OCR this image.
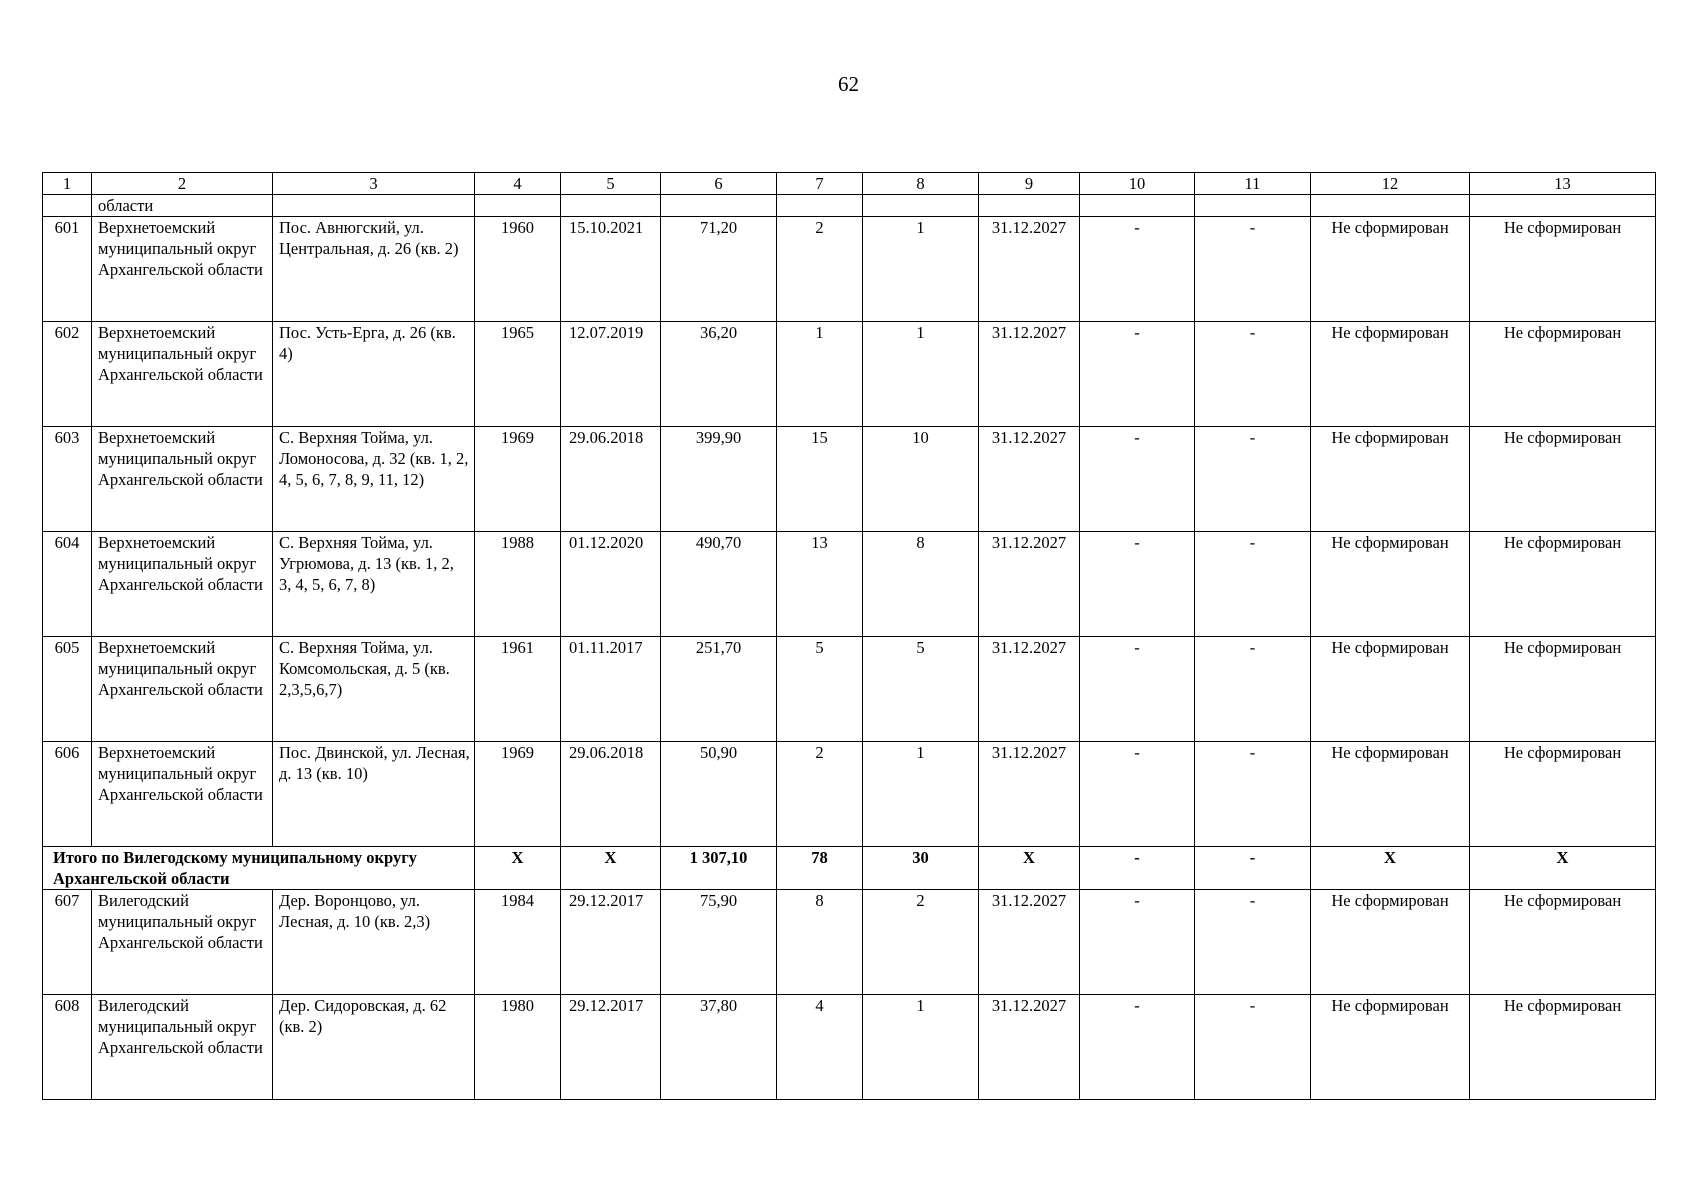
62
1	2	3	4	5	6	7	8	9	10	11	12	13
	области											
601	Верхнетоемский муниципальный округ Архангельской области	Пос. Авнюгский, ул. Центральная, д. 26 (кв. 2)	1960	15.10.2021	71,20	2	1	31.12.2027	-	-	Не сформирован	Не сформирован
602	Верхнетоемский муниципальный округ Архангельской области	Пос. Усть-Ерга, д. 26 (кв. 4)	1965	12.07.2019	36,20	1	1	31.12.2027	-	-	Не сформирован	Не сформирован
603	Верхнетоемский муниципальный округ Архангельской области	С. Верхняя Тойма, ул. Ломоносова, д. 32 (кв. 1, 2, 4, 5, 6, 7, 8, 9, 11, 12)	1969	29.06.2018	399,90	15	10	31.12.2027	-	-	Не сформирован	Не сформирован
604	Верхнетоемский муниципальный округ Архангельской области	С. Верхняя Тойма, ул. Угрюмова, д. 13 (кв. 1, 2, 3, 4, 5, 6, 7, 8)	1988	01.12.2020	490,70	13	8	31.12.2027	-	-	Не сформирован	Не сформирован
605	Верхнетоемский муниципальный округ Архангельской области	С. Верхняя Тойма, ул. Комсомольская, д. 5 (кв. 2,3,5,6,7)	1961	01.11.2017	251,70	5	5	31.12.2027	-	-	Не сформирован	Не сформирован
606	Верхнетоемский муниципальный округ Архангельской области	Пос. Двинской, ул. Лесная, д. 13 (кв. 10)	1969	29.06.2018	50,90	2	1	31.12.2027	-	-	Не сформирован	Не сформирован
Итого по Вилегодскому муниципальному округу Архангельской области			X	X	1 307,10	78	30	X	-	-	X	X
607	Вилегодский муниципальный округ Архангельской области	Дер. Воронцово, ул. Лесная, д. 10 (кв. 2,3)	1984	29.12.2017	75,90	8	2	31.12.2027	-	-	Не сформирован	Не сформирован
608	Вилегодский муниципальный округ Архангельской области	Дер. Сидоровская, д. 62 (кв. 2)	1980	29.12.2017	37,80	4	1	31.12.2027	-	-	Не сформирован	Не сформирован
